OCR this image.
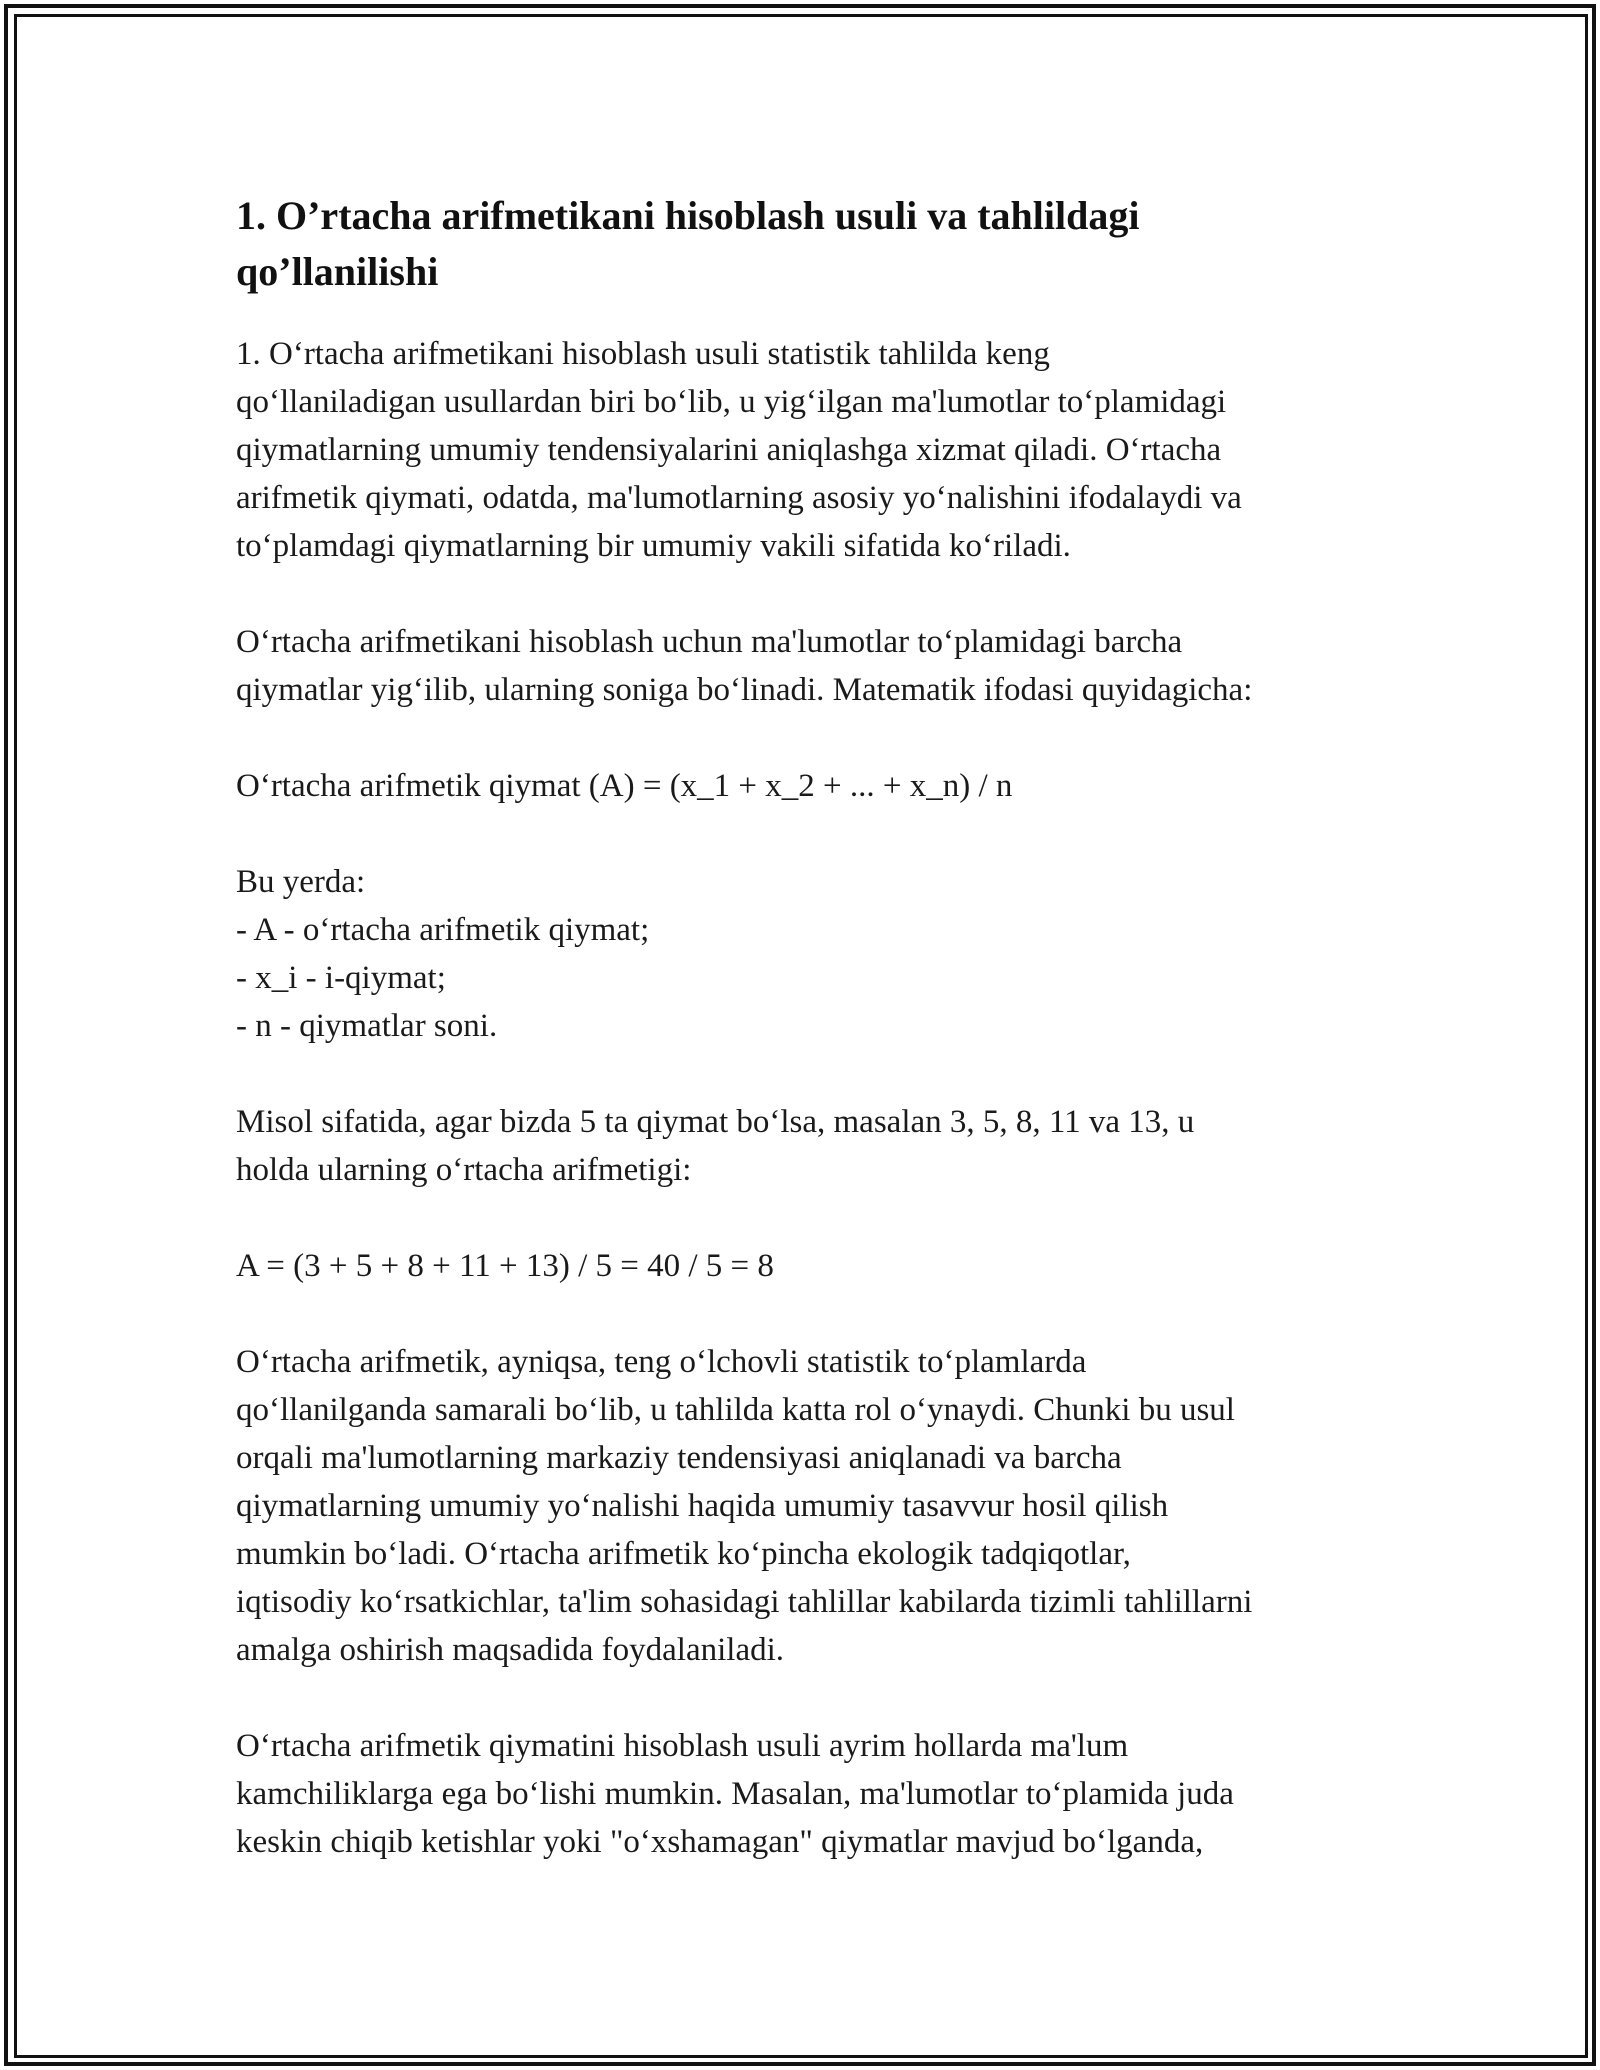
1. O’rtacha arifmetikani hisoblash usuli va tahlildagi
qo’llanilishi
1. O‘rtacha arifmetikani hisoblash usuli statistik tahlilda keng
qo‘llaniladigan usullardan biri bo‘lib, u yig‘ilgan ma'lumotlar to‘plamidagi
qiymatlarning umumiy tendensiyalarini aniqlashga xizmat qiladi. O‘rtacha
arifmetik qiymati, odatda, ma'lumotlarning asosiy yo‘nalishini ifodalaydi va
to‘plamdagi qiymatlarning bir umumiy vakili sifatida ko‘riladi.
O‘rtacha arifmetikani hisoblash uchun ma'lumotlar to‘plamidagi barcha
qiymatlar yig‘ilib, ularning soniga bo‘linadi. Matematik ifodasi quyidagicha:
O‘rtacha arifmetik qiymat (A) = (x_1 + x_2 + ... + x_n) / n
Bu yerda:
- A - o‘rtacha arifmetik qiymat;
- x_i - i-qiymat;
- n - qiymatlar soni.
Misol sifatida, agar bizda 5 ta qiymat bo‘lsa, masalan 3, 5, 8, 11 va 13, u
holda ularning o‘rtacha arifmetigi:
A = (3 + 5 + 8 + 11 + 13) / 5 = 40 / 5 = 8
O‘rtacha arifmetik, ayniqsa, teng o‘lchovli statistik to‘plamlarda
qo‘llanilganda samarali bo‘lib, u tahlilda katta rol o‘ynaydi. Chunki bu usul
orqali ma'lumotlarning markaziy tendensiyasi aniqlanadi va barcha
qiymatlarning umumiy yo‘nalishi haqida umumiy tasavvur hosil qilish
mumkin bo‘ladi. O‘rtacha arifmetik ko‘pincha ekologik tadqiqotlar,
iqtisodiy ko‘rsatkichlar, ta'lim sohasidagi tahlillar kabilarda tizimli tahlillarni
amalga oshirish maqsadida foydalaniladi.
O‘rtacha arifmetik qiymatini hisoblash usuli ayrim hollarda ma'lum
kamchiliklarga ega bo‘lishi mumkin. Masalan, ma'lumotlar to‘plamida juda
keskin chiqib ketishlar yoki "o‘xshamagan" qiymatlar mavjud bo‘lganda,
